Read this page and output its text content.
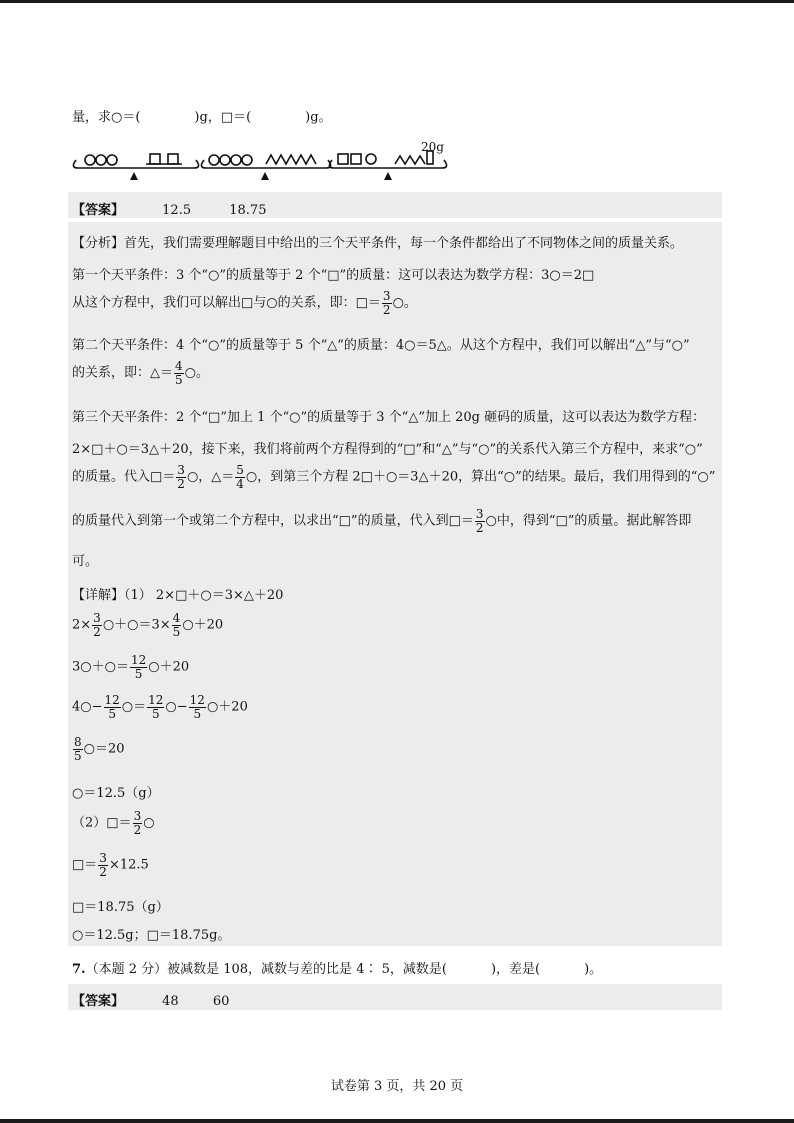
量，求○＝(	)g，□＝(	)g。
20g
【答案】	12.5	18.75
【分析】首先，我们需要理解题目中给出的三个天平条件，每一个条件都给出了不同物体之间的质量关系。
第一个天平条件：3 个“○”的质量等于 2 个“□”的质量：这可以表达为数学方程：3○＝2□
从这个方程中，我们可以解出□与○的关系，即：□＝ $\frac{3}{2}$ ○。
第二个天平条件：4 个“○”的质量等于 5 个“△”的质量：4○＝5△。从这个方程中，我们可以解出“△”与“○”
的关系，即：△＝ $\frac{4}{5}$ ○。
第三个天平条件：2 个“□”加上 1 个“○”的质量等于 3 个“△”加上 20g 砸码的质量，这可以表达为数学方程：
2×□＋○＝3△＋20，接下来，我们将前两个方程得到的“□”和“△”与“○”的关系代入第三个方程中，来求“○”
的质量。代入□＝ $\frac{3}{2}$ ○，△＝ $\frac{5}{4}$ ○，到第三个方程 2□＋○＝3△＋20，算出“○”的结果。最后，我们用得到的“○”
的质量代入到第一个或第二个方程中，以求出“□”的质量，代入到□＝ $\frac{3}{2}$ ○中，得到“□”的质量。据此解答即
可。
【详解】（1） 2×□＋○＝3×△＋20
$2\times \frac{3}{2}$ ○＋○＝3× $\frac{4}{5}$ ○＋20
3○＋○＝ $\frac{12}{5}$ ○＋20
4○− $\frac{12}{5}$ ○＝ $\frac{12}{5}$ ○− $\frac{12}{5}$ ○＋20
$\frac{8}{5}$ ○＝20
○＝12.5（g）
（2）□＝ $\frac{3}{2}$ ○
□＝ $\frac{3}{2} \times 12.5$
□＝18.75（g）
○＝12.5g；□＝18.75g。
7.（本题 2 分）被减数是 108，减数与差的比是 4∶ 5，减数是(	)，差是(	)。
【答案】	48	60
试卷第 3 页，共 20 页
